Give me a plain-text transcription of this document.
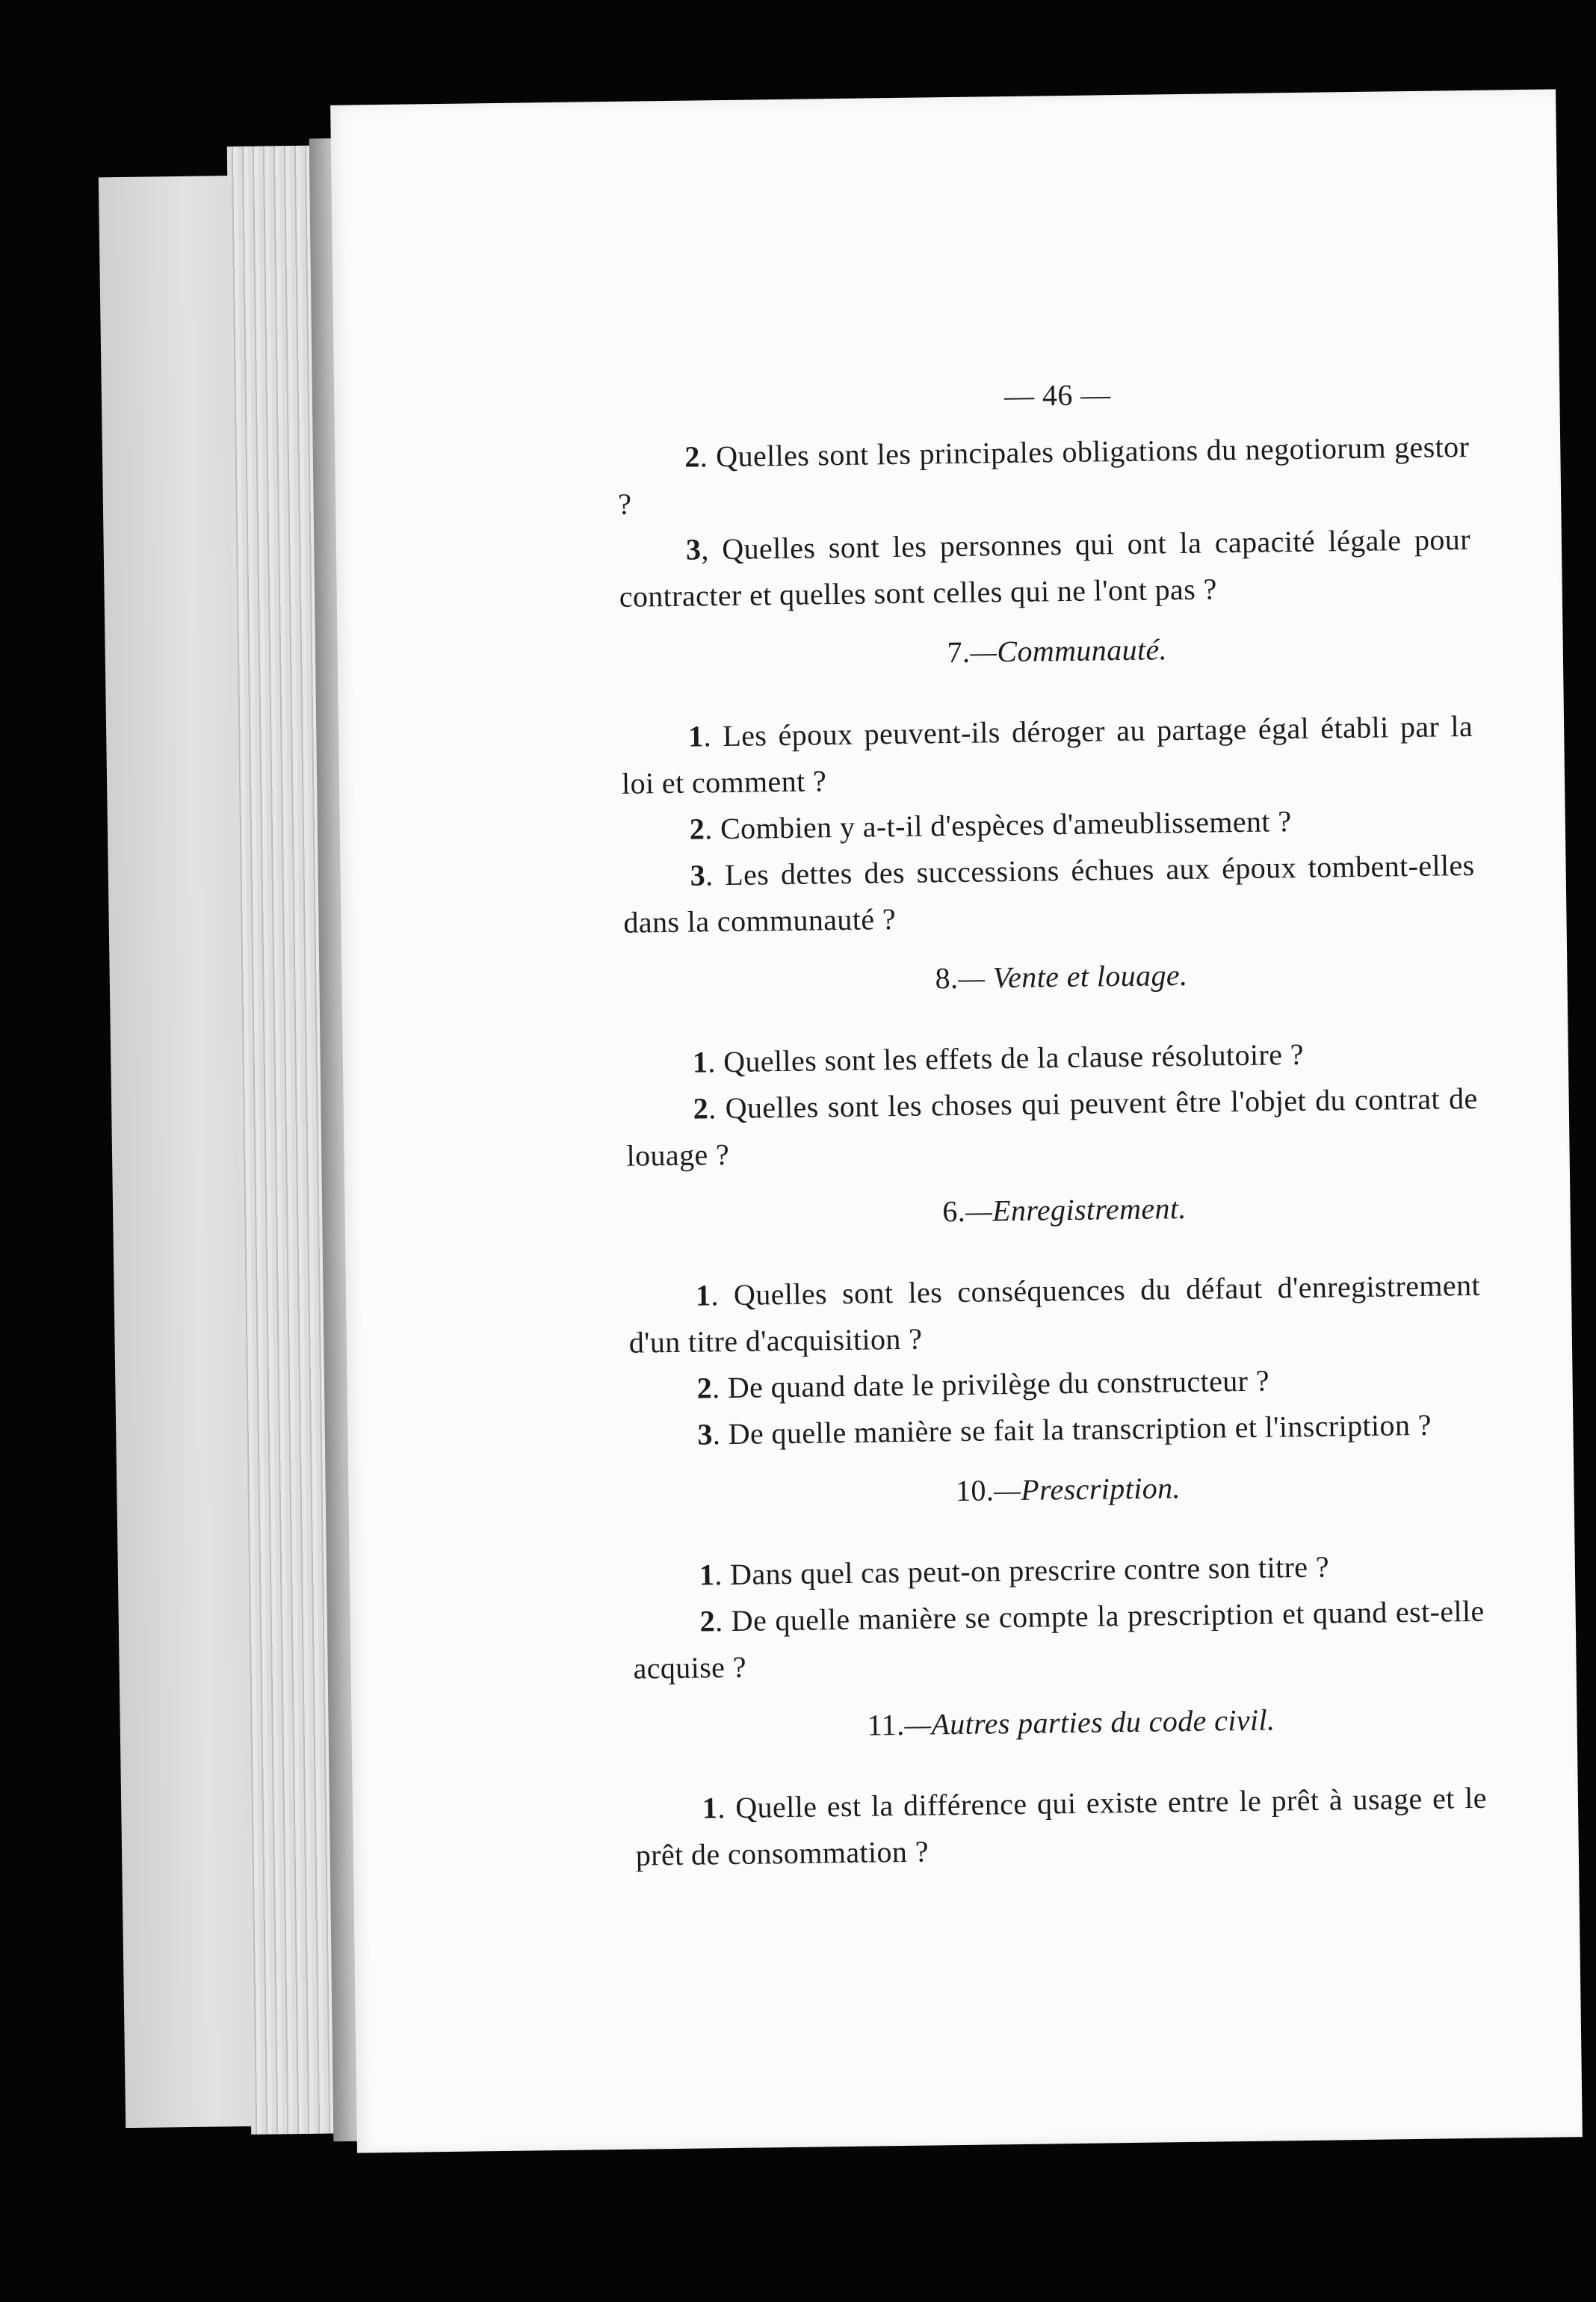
— 46 —

2. Quelles sont les principales obligations du negotiorum gestor ?

3, Quelles sont les personnes qui ont la capacité légale pour contracter et quelles sont celles qui ne l'ont pas ?

7.—Communauté.

1. Les époux peuvent-ils déroger au partage égal établi par la loi et comment ?

2. Combien y a-t-il d'espèces d'ameublissement ?

3. Les dettes des successions échues aux époux tombent-elles dans la communauté ?

8.— Vente et louage.

1. Quelles sont les effets de la clause résolutoire ?

2. Quelles sont les choses qui peuvent être l'objet du contrat de louage ?

6.—Enregistrement.

1. Quelles sont les conséquences du défaut d'enregistrement d'un titre d'acquisition ?

2. De quand date le privilège du constructeur ?

3. De quelle manière se fait la transcription et l'inscription ?

10.—Prescription.

1. Dans quel cas peut-on prescrire contre son titre ?

2. De quelle manière se compte la prescription et quand est-elle acquise ?

11.—Autres parties du code civil.

1. Quelle est la différence qui existe entre le prêt à usage et le prêt de consommation ?
